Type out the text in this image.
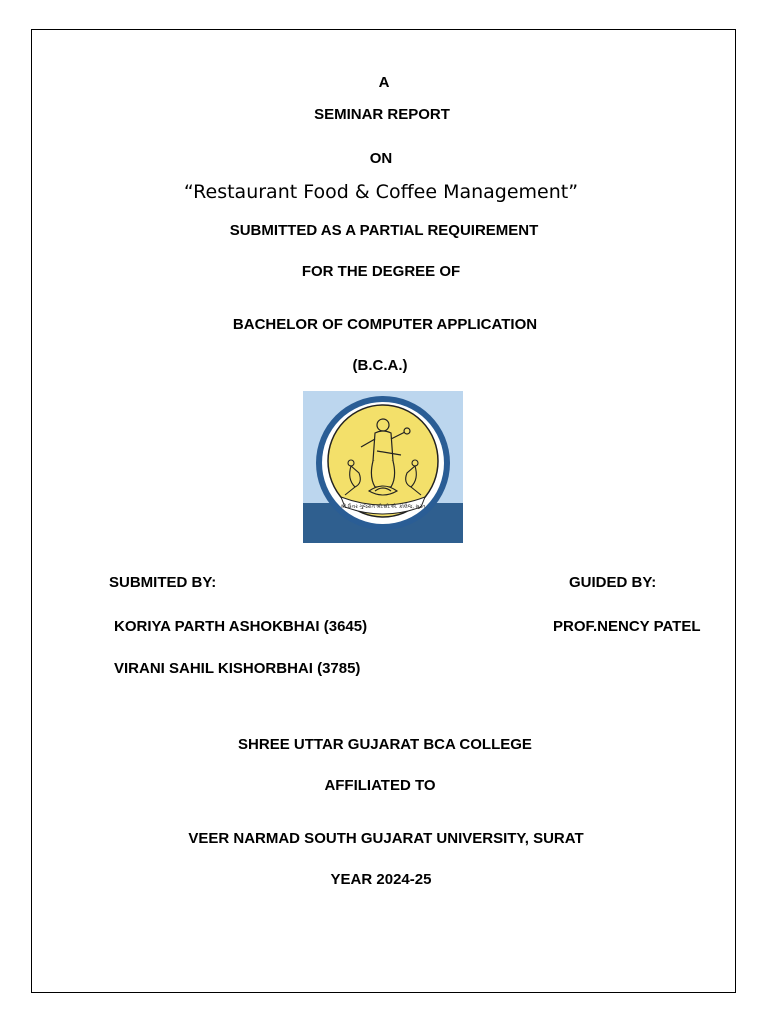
A
SEMINAR REPORT
ON
“Restaurant Food & Coffee Management”
SUBMITTED AS A PARTIAL REQUIREMENT
FOR THE DEGREE OF
BACHELOR OF COMPUTER APPLICATION
(B.C.A.)
શ્રી ઉત્તર ગુજરાત બી.સી.એ. કોલેજ, સુરત
SUBMITED BY:	GUIDED BY:
KORIYA PARTH ASHOKBHAI (3645)	PROF.NENCY PATEL
VIRANI SAHIL KISHORBHAI (3785)
SHREE UTTAR GUJARAT BCA COLLEGE
AFFILIATED TO
VEER NARMAD SOUTH GUJARAT UNIVERSITY, SURAT
YEAR 2024-25
